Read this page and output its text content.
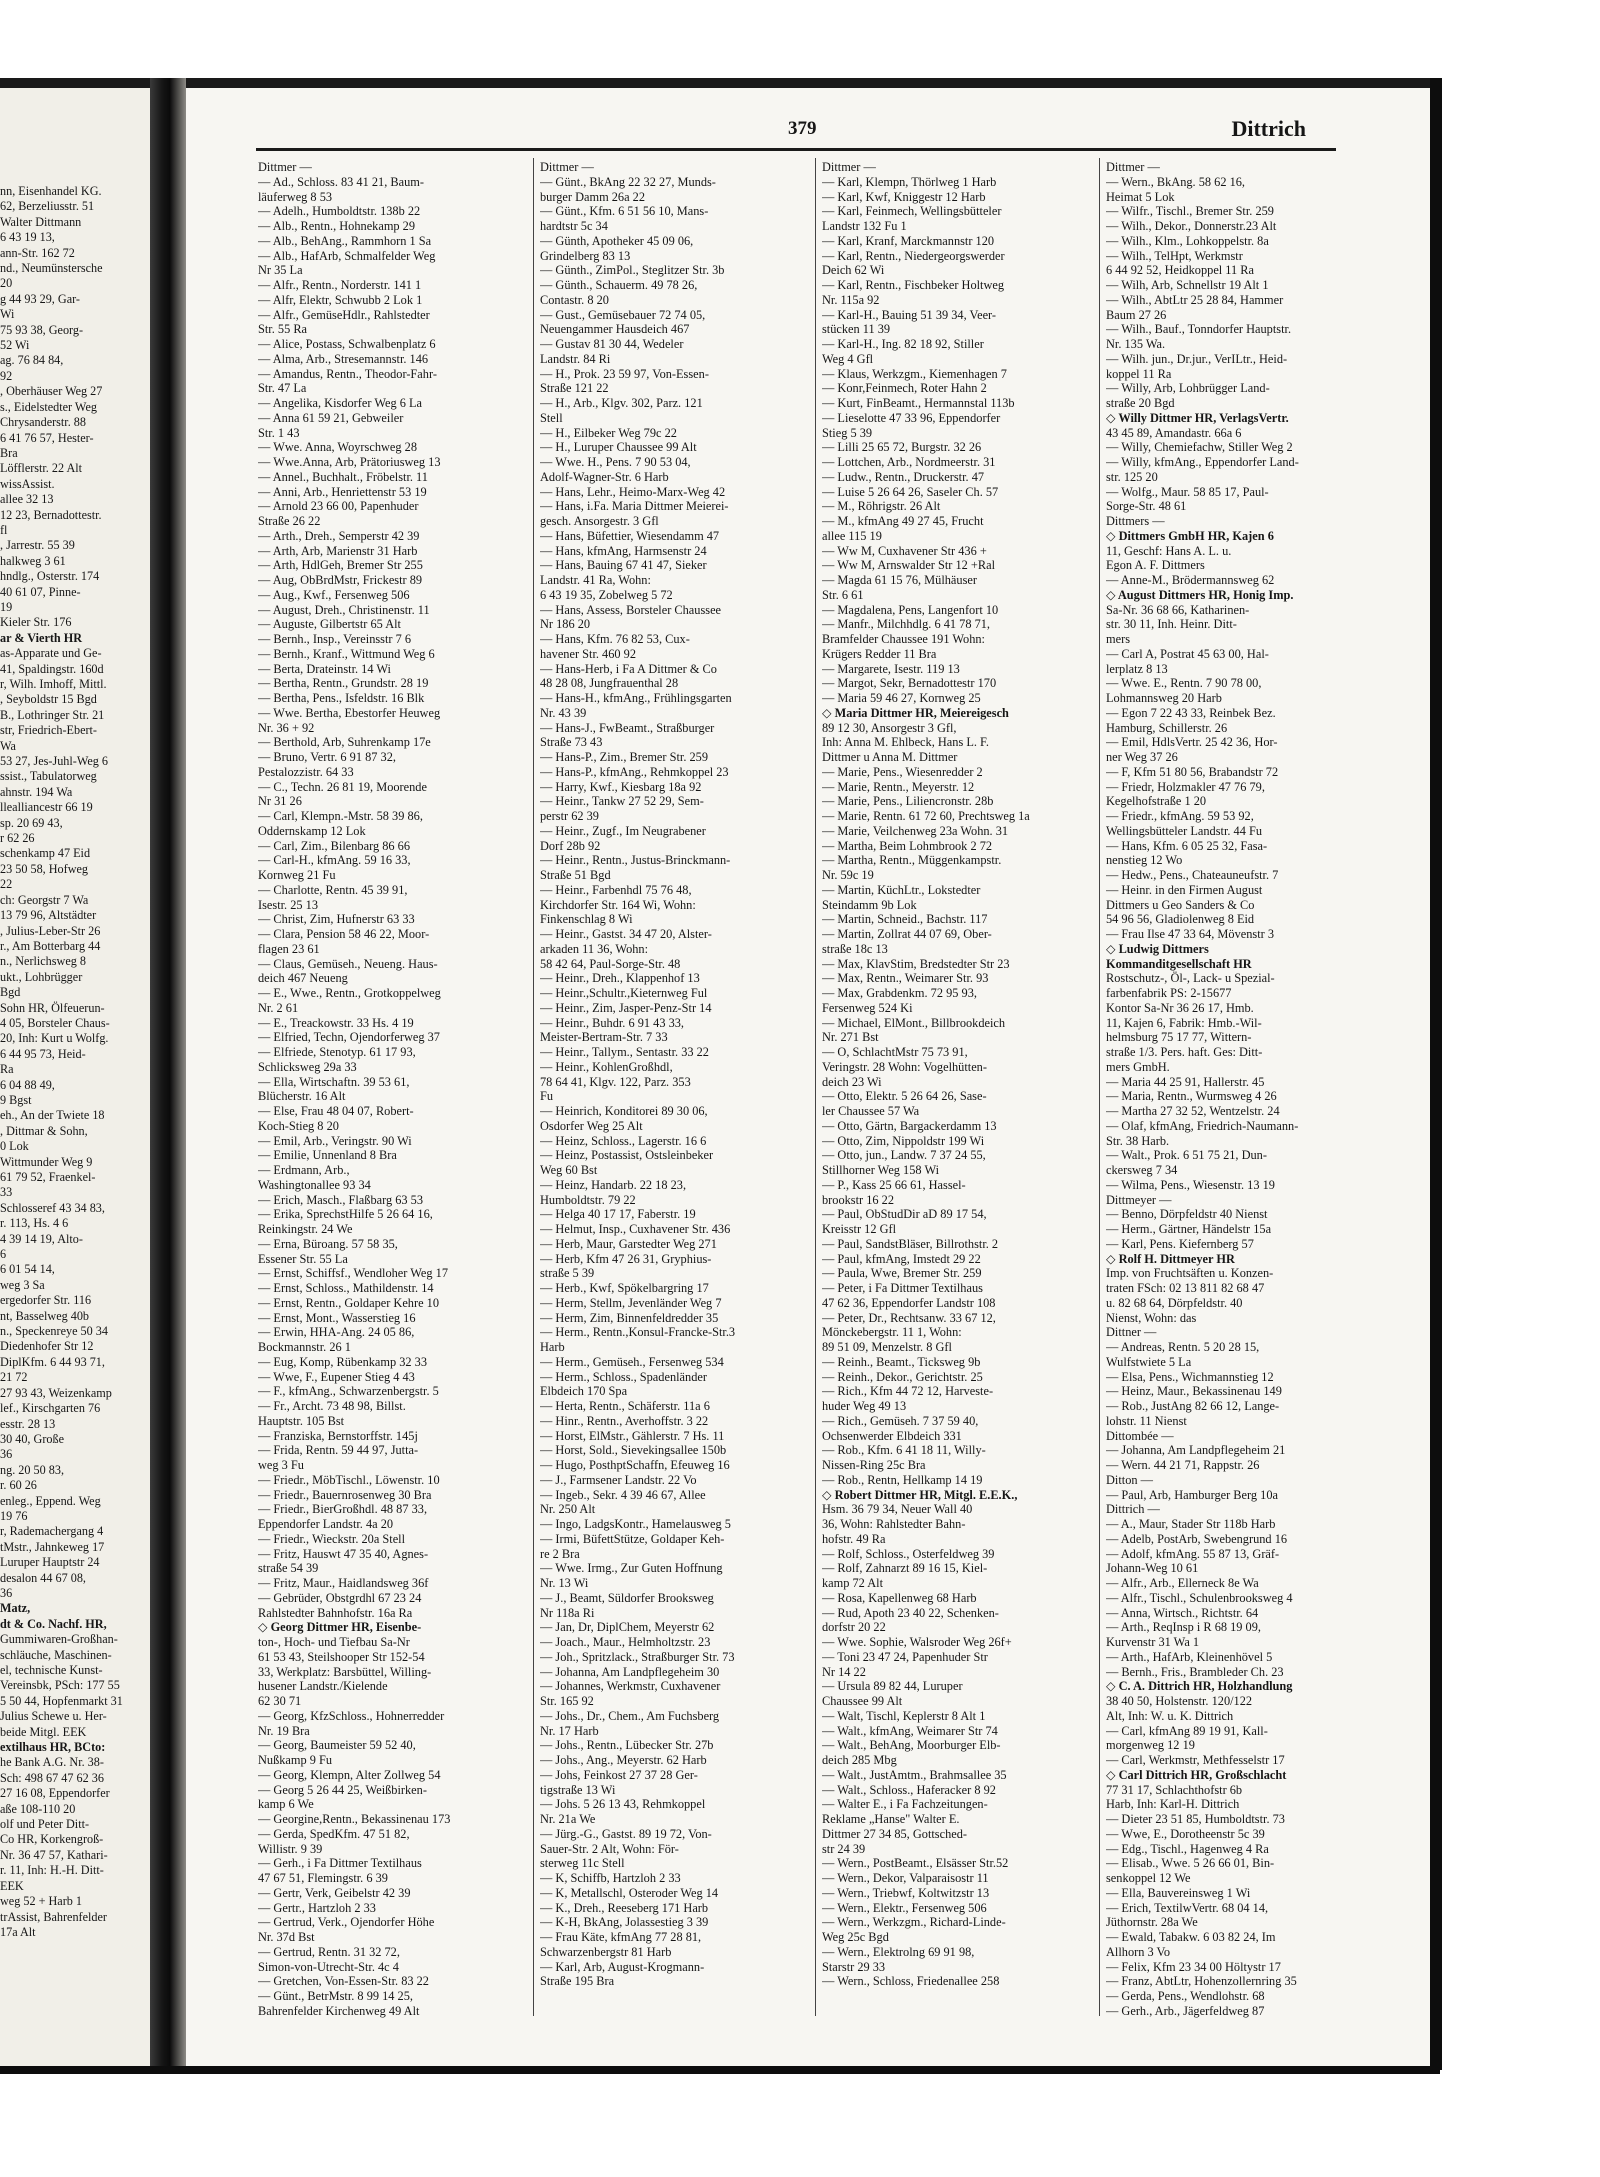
nn, Eisenhandel KG.
62, Berzeliusstr. 51
Walter Dittmann
6 43 19 13,
ann-Str. 162 72
nd., Neumünstersche
20
g 44 93 29, Gar-
Wi
75 93 38, Georg-
52 Wi
ag. 76 84 84,
92
, Oberhäuser Weg 27
s., Eidelstedter Weg
Chrysanderstr. 88
6 41 76 57, Hester-
Bra
Löfflerstr. 22 Alt
wissAssist.
allee 32 13
12 23, Bernadottestr.
fl
, Jarrestr. 55 39
halkweg 3 61
hndlg., Osterstr. 174
40 61 07, Pinne-
19
Kieler Str. 176
ar & Vierth HR
as-Apparate und Ge-
41, Spaldingstr. 160d
r, Wilh. Imhoff, Mittl.
, Seyboldstr 15 Bgd
B., Lothringer Str. 21
str, Friedrich-Ebert-
Wa
53 27, Jes-Juhl-Weg 6
ssist., Tabulatorweg
ahnstr. 194 Wa
llealliancestr 66 19
sp. 20 69 43,
r 62 26
schenkamp 47 Eid
23 50 58, Hofweg
22
ch: Georgstr 7 Wa
13 79 96, Altstädter
, Julius-Leber-Str 26
r., Am Botterbarg 44
n., Nerlichsweg 8
ukt., Lohbrügger
Bgd
Sohn HR, Ölfeuerun-
4 05, Borsteler Chaus-
20, Inh: Kurt u Wolfg.
6 44 95 73, Heid-
Ra
6 04 88 49,
9 Bgst
eh., An der Twiete 18
, Dittmar & Sohn,
0 Lok
Wittmunder Weg 9
61 79 52, Fraenkel-
33
Schlosseref 43 34 83,
r. 113, Hs. 4 6
4 39 14 19, Alto-
6
6 01 54 14,
weg 3 Sa
ergedorfer Str. 116
nt, Basselweg 40b
n., Speckenreye 50 34
Diedenhofer Str 12
DiplKfm. 6 44 93 71,
21 72
27 93 43, Weizenkamp
lef., Kirschgarten 76
esstr. 28 13
30 40, Große
36
ng. 20 50 83,
r. 60 26
enleg., Eppend. Weg
19 76
r, Rademachergang 4
tMstr., Jahnkeweg 17
Luruper Hauptstr 24
desalon 44 67 08,
36
Matz,
dt & Co. Nachf. HR,
Gummiwaren-Großhan-
schläuche, Maschinen-
el, technische Kunst-
Vereinsbk, PSch: 177 55
5 50 44, Hopfenmarkt 31
Julius Schewe u. Her-
beide Mitgl. EEK
extilhaus HR, BCto:
he Bank A.G. Nr. 38-
Sch: 498 67 47 62 36
27 16 08, Eppendorfer
aße 108-110 20
olf und Peter Ditt-
Co HR, Korkengroß-
Nr. 36 47 57, Kathari-
r. 11, Inh: H.-H. Ditt-
EEK
weg 52 + Harb 1
trAssist, Bahrenfelder
17a Alt
379	Dittrich
Dittmer —
— Ad., Schloss. 83 41 21, Baum-
läuferweg 8 53
— Adelh., Humboldtstr. 138b 22
— Alb., Rentn., Hohnekamp 29
— Alb., BehAng., Rammhorn 1 Sa
— Alb., HafArb, Schmalfelder Weg
Nr 35 La
— Alfr., Rentn., Norderstr. 141 1
— Alfr, Elektr, Schwubb 2 Lok 1
— Alfr., GemüseHdlr., Rahlstedter
Str. 55 Ra
— Alice, Postass, Schwalbenplatz 6
— Alma, Arb., Stresemannstr. 146
— Amandus, Rentn., Theodor-Fahr-
Str. 47 La
— Angelika, Kisdorfer Weg 6 La
— Anna 61 59 21, Gebweiler
Str. 1 43
— Wwe. Anna, Woyrschweg 28
— Wwe.Anna, Arb, Prätoriusweg 13
— Annel., Buchhalt., Fröbelstr. 11
— Anni, Arb., Henriettenstr 53 19
— Arnold 23 66 00, Papenhuder
Straße 26 22
— Arth., Dreh., Semperstr 42 39
— Arth, Arb, Marienstr 31 Harb
— Arth, HdlGeh, Bremer Str 255
— Aug, ObBrdMstr, Frickestr 89
— Aug., Kwf., Fersenweg 506
— August, Dreh., Christinenstr. 11
— Auguste, Gilbertstr 65 Alt
— Bernh., Insp., Vereinsstr 7 6
— Bernh., Kranf., Wittmund Weg 6
— Berta, Drateinstr. 14 Wi
— Bertha, Rentn., Grundstr. 28 19
— Bertha, Pens., Isfeldstr. 16 Blk
— Wwe. Bertha, Ebestorfer Heuweg
Nr. 36 + 92
— Berthold, Arb, Suhrenkamp 17e
— Bruno, Vertr. 6 91 87 32,
Pestalozzistr. 64 33
— C., Techn. 26 81 19, Moorende
Nr 31 26
— Carl, Klempn.-Mstr. 58 39 86,
Oddernskamp 12 Lok
— Carl, Zim., Bilenbarg 86 66
— Carl-H., kfmAng. 59 16 33,
Kornweg 21 Fu
— Charlotte, Rentn. 45 39 91,
Isestr. 25 13
— Christ, Zim, Hufnerstr 63 33
— Clara, Pension 58 46 22, Moor-
flagen 23 61
— Claus, Gemüseh., Neueng. Haus-
deich 467 Neueng
— E., Wwe., Rentn., Grotkoppelweg
Nr. 2 61
— E., Treackowstr. 33 Hs. 4 19
— Elfried, Techn, Ojendorferweg 37
— Elfriede, Stenotyp. 61 17 93,
Schlicksweg 29a 33
— Ella, Wirtschaftn. 39 53 61,
Blücherstr. 16 Alt
— Else, Frau 48 04 07, Robert-
Koch-Stieg 8 20
— Emil, Arb., Veringstr. 90 Wi
— Emilie, Unnenland 8 Bra
— Erdmann, Arb.,
Washingtonallee 93 34
— Erich, Masch., Flaßbarg 63 53
— Erika, SprechstHilfe 5 26 64 16,
Reinkingstr. 24 We
— Erna, Büroang. 57 58 35,
Essener Str. 55 La
— Ernst, Schiffsf., Wendloher Weg 17
— Ernst, Schloss., Mathildenstr. 14
— Ernst, Rentn., Goldaper Kehre 10
— Ernst, Mont., Wasserstieg 16
— Erwin, HHA-Ang. 24 05 86,
Bockmannstr. 26 1
— Eug, Komp, Rübenkamp 32 33
— Wwe, F., Eupener Stieg 4 43
— F., kfmAng., Schwarzenbergstr. 5
— Fr., Archt. 73 48 98, Billst.
Hauptstr. 105 Bst
— Franziska, Bernstorffstr. 145j
— Frida, Rentn. 59 44 97, Jutta-
weg 3 Fu
— Friedr., MöbTischl., Löwenstr. 10
— Friedr., Bauernrosenweg 30 Bra
— Friedr., BierGroßhdl. 48 87 33,
Eppendorfer Landstr. 4a 20
— Friedr., Wieckstr. 20a Stell
— Fritz, Hauswt 47 35 40, Agnes-
straße 54 39
— Fritz, Maur., Haidlandsweg 36f
— Gebrüder, Obstgrdhl 67 23 24
Rahlstedter Bahnhofstr. 16a Ra
◇ Georg Dittmer HR, Eisenbe-
ton-, Hoch- und Tiefbau Sa-Nr
61 53 43, Steilshooper Str 152-54
33, Werkplatz: Barsbüttel, Willing-
husener Landstr./Kielende
62 30 71
— Georg, KfzSchloss., Hohnerredder
Nr. 19 Bra
— Georg, Baumeister 59 52 40,
Nußkamp 9 Fu
— Georg, Klempn, Alter Zollweg 54
— Georg 5 26 44 25, Weißbirken-
kamp 6 We
— Georgine,Rentn., Bekassinenau 173
— Gerda, SpedKfm. 47 51 82,
Willistr. 9 39
— Gerh., i Fa Dittmer Textilhaus
47 67 51, Flemingstr. 6 39
— Gertr, Verk, Geibelstr 42 39
— Gertr., Hartzloh 2 33
— Gertrud, Verk., Ojendorfer Höhe
Nr. 37d Bst
— Gertrud, Rentn. 31 32 72,
Simon-von-Utrecht-Str. 4c 4
— Gretchen, Von-Essen-Str. 83 22
— Günt., BetrMstr. 8 99 14 25,
Bahrenfelder Kirchenweg 49 Alt
Dittmer —
— Günt., BkAng 22 32 27, Munds-
burger Damm 26a 22
— Günt., Kfm. 6 51 56 10, Mans-
hardtstr 5c 34
— Günth, Apotheker 45 09 06,
Grindelberg 83 13
— Günth., ZimPol., Steglitzer Str. 3b
— Günth., Schauerm. 49 78 26,
Contastr. 8 20
— Gust., Gemüsebauer 72 74 05,
Neuengammer Hausdeich 467
— Gustav 81 30 44, Wedeler
Landstr. 84 Ri
— H., Prok. 23 59 97, Von-Essen-
Straße 121 22
— H., Arb., Klgv. 302, Parz. 121
Stell
— H., Eilbeker Weg 79c 22
— H., Luruper Chaussee 99 Alt
— Wwe. H., Pens. 7 90 53 04,
Adolf-Wagner-Str. 6 Harb
— Hans, Lehr., Heimo-Marx-Weg 42
— Hans, i.Fa. Maria Dittmer Meierei-
gesch. Ansorgestr. 3 Gfl
— Hans, Büfettier, Wiesendamm 47
— Hans, kfmAng, Harmsenstr 24
— Hans, Bauing 67 41 47, Sieker
Landstr. 41 Ra, Wohn:
6 43 19 35, Zobelweg 5 72
— Hans, Assess, Borsteler Chaussee
Nr 186 20
— Hans, Kfm. 76 82 53, Cux-
havener Str. 460 92
— Hans-Herb, i Fa A Dittmer & Co
48 28 08, Jungfrauenthal 28
— Hans-H., kfmAng., Frühlingsgarten
Nr. 43 39
— Hans-J., FwBeamt., Straßburger
Straße 73 43
— Hans-P., Zim., Bremer Str. 259
— Hans-P., kfmAng., Rehmkoppel 23
— Harry, Kwf., Kiesbarg 18a 92
— Heinr., Tankw 27 52 29, Sem-
perstr 62 39
— Heinr., Zugf., Im Neugrabener
Dorf 28b 92
— Heinr., Rentn., Justus-Brinckmann-
Straße 51 Bgd
— Heinr., Farbenhdl 75 76 48,
Kirchdorfer Str. 164 Wi, Wohn:
Finkenschlag 8 Wi
— Heinr., Gastst. 34 47 20, Alster-
arkaden 11 36, Wohn:
58 42 64, Paul-Sorge-Str. 48
— Heinr., Dreh., Klappenhof 13
— Heinr.,Schultr.,Kieternweg Ful
— Heinr., Zim, Jasper-Penz-Str 14
— Heinr., Buhdr. 6 91 43 33,
Meister-Bertram-Str. 7 33
— Heinr., Tallym., Sentastr. 33 22
— Heinr., KohlenGroßhdl,
78 64 41, Klgv. 122, Parz. 353
Fu
— Heinrich, Konditorei 89 30 06,
Osdorfer Weg 25 Alt
— Heinz, Schloss., Lagerstr. 16 6
— Heinz, Postassist, Ostsleinbeker
Weg 60 Bst
— Heinz, Handarb. 22 18 23,
Humboldtstr. 79 22
— Helga 40 17 17, Faberstr. 19
— Helmut, Insp., Cuxhavener Str. 436
— Herb, Maur, Garstedter Weg 271
— Herb, Kfm 47 26 31, Gryphius-
straße 5 39
— Herb., Kwf, Spökelbargring 17
— Herm, Stellm, Jevenländer Weg 7
— Herm, Zim, Binnenfeldredder 35
— Herm., Rentn.,Konsul-Francke-Str.3
Harb
— Herm., Gemüseh., Fersenweg 534
— Herm., Schloss., Spadenländer
Elbdeich 170 Spa
— Herta, Rentn., Schäferstr. 11a 6
— Hinr., Rentn., Averhoffstr. 3 22
— Horst, ElMstr., Gählerstr. 7 Hs. 11
— Horst, Sold., Sievekingsallee 150b
— Hugo, PosthptSchaffn, Efeuweg 16
— J., Farmsener Landstr. 22 Vo
— Ingeb., Sekr. 4 39 46 67, Allee
Nr. 250 Alt
— Ingo, LadgsKontr., Hamelausweg 5
— Irmi, BüfettStütze, Goldaper Keh-
re 2 Bra
— Wwe. Irmg., Zur Guten Hoffnung
Nr. 13 Wi
— J., Beamt, Süldorfer Brooksweg
Nr 118a Ri
— Jan, Dr, DiplChem, Meyerstr 62
— Joach., Maur., Helmholtzstr. 23
— Joh., Spritzlack., Straßburger Str. 73
— Johanna, Am Landpflegeheim 30
— Johannes, Werkmstr, Cuxhavener
Str. 165 92
— Johs., Dr., Chem., Am Fuchsberg
Nr. 17 Harb
— Johs., Rentn., Lübecker Str. 27b
— Johs., Ang., Meyerstr. 62 Harb
— Johs, Feinkost 27 37 28 Ger-
tigstraße 13 Wi
— Johs. 5 26 13 43, Rehmkoppel
Nr. 21a We
— Jürg.-G., Gastst. 89 19 72, Von-
Sauer-Str. 2 Alt, Wohn: För-
sterweg 11c Stell
— K, Schiffb, Hartzloh 2 33
— K, Metallschl, Osteroder Weg 14
— K., Dreh., Reeseberg 171 Harb
— K-H, BkAng, Jolassestieg 3 39
— Frau Käte, kfmAng 77 28 81,
Schwarzenbergstr 81 Harb
— Karl, Arb, August-Krogmann-
Straße 195 Bra
Dittmer —
— Karl, Klempn, Thörlweg 1 Harb
— Karl, Kwf, Kniggestr 12 Harb
— Karl, Feinmech, Wellingsbütteler
Landstr 132 Fu 1
— Karl, Kranf, Marckmannstr 120
— Karl, Rentn., Niedergeorgswerder
Deich 62 Wi
— Karl, Rentn., Fischbeker Holtweg
Nr. 115a 92
— Karl-H., Bauing 51 39 34, Veer-
stücken 11 39
— Karl-H., Ing. 82 18 92, Stiller
Weg 4 Gfl
— Klaus, Werkzgm., Kiemenhagen 7
— Konr,Feinmech, Roter Hahn 2
— Kurt, FinBeamt., Hermannstal 113b
— Lieselotte 47 33 96, Eppendorfer
Stieg 5 39
— Lilli 25 65 72, Burgstr. 32 26
— Lottchen, Arb., Nordmeerstr. 31
— Ludw., Rentn., Druckerstr. 47
— Luise 5 26 64 26, Saseler Ch. 57
— M., Röhrigstr. 26 Alt
— M., kfmAng 49 27 45, Frucht
allee 115 19
— Ww M, Cuxhavener Str 436 +
— Ww M, Arnswalder Str 12 +Ral
— Magda 61 15 76, Mülhäuser
Str. 6 61
— Magdalena, Pens, Langenfort 10
— Manfr., Milchhdlg. 6 41 78 71,
Bramfelder Chaussee 191 Wohn:
Krügers Redder 11 Bra
— Margarete, Isestr. 119 13
— Margot, Sekr, Bernadottestr 170
— Maria 59 46 27, Kornweg 25
◇ Maria Dittmer HR, Meiereigesch
89 12 30, Ansorgestr 3 Gfl,
Inh: Anna M. Ehlbeck, Hans L. F.
Dittmer u Anna M. Dittmer
— Marie, Pens., Wiesenredder 2
— Marie, Rentn., Meyerstr. 12
— Marie, Pens., Liliencronstr. 28b
— Marie, Rentn. 61 72 60, Prechtsweg 1a
— Marie, Veilchenweg 23a Wohn. 31
— Martha, Beim Lohmbrook 2 72
— Martha, Rentn., Müggenkampstr.
Nr. 59c 19
— Martin, KüchLtr., Lokstedter
Steindamm 9b Lok
— Martin, Schneid., Bachstr. 117
— Martin, Zollrat 44 07 69, Ober-
straße 18c 13
— Max, KlavStim, Bredstedter Str 23
— Max, Rentn., Weimarer Str. 93
— Max, Grabdenkm. 72 95 93,
Fersenweg 524 Ki
— Michael, ElMont., Billbrookdeich
Nr. 271 Bst
— O, SchlachtMstr 75 73 91,
Veringstr. 28 Wohn: Vogelhütten-
deich 23 Wi
— Otto, Elektr. 5 26 64 26, Sase-
ler Chaussee 57 Wa
— Otto, Gärtn, Bargackerdamm 13
— Otto, Zim, Nippoldstr 199 Wi
— Otto, jun., Landw. 7 37 24 55,
Stillhorner Weg 158 Wi
— P., Kass 25 66 61, Hassel-
brookstr 16 22
— Paul, ObStudDir aD 89 17 54,
Kreisstr 12 Gfl
— Paul, SandstBläser, Billrothstr. 2
— Paul, kfmAng, Imstedt 29 22
— Paula, Wwe, Bremer Str. 259
— Peter, i Fa Dittmer Textilhaus
47 62 36, Eppendorfer Landstr 108
— Peter, Dr., Rechtsanw. 33 67 12,
Mönckebergstr. 11 1, Wohn:
89 51 09, Menzelstr. 8 Gfl
— Reinh., Beamt., Ticksweg 9b
— Reinh., Dekor., Gerichtstr. 25
— Rich., Kfm 44 72 12, Harveste-
huder Weg 49 13
— Rich., Gemüseh. 7 37 59 40,
Ochsenwerder Elbdeich 331
— Rob., Kfm. 6 41 18 11, Willy-
Nissen-Ring 25c Bra
— Rob., Rentn, Hellkamp 14 19
◇ Robert Dittmer HR, Mitgl. E.E.K.,
Hsm. 36 79 34, Neuer Wall 40
36, Wohn: Rahlstedter Bahn-
hofstr. 49 Ra
— Rolf, Schloss., Osterfeldweg 39
— Rolf, Zahnarzt 89 16 15, Kiel-
kamp 72 Alt
— Rosa, Kapellenweg 68 Harb
— Rud, Apoth 23 40 22, Schenken-
dorfstr 20 22
— Wwe. Sophie, Walsroder Weg 26f+
— Toni 23 47 24, Papenhuder Str
Nr 14 22
— Ursula 89 82 44, Luruper
Chaussee 99 Alt
— Walt, Tischl, Keplerstr 8 Alt 1
— Walt., kfmAng, Weimarer Str 74
— Walt., BehAng, Moorburger Elb-
deich 285 Mbg
— Walt., JustAmtm., Brahmsallee 35
— Walt., Schloss., Haferacker 8 92
— Walter E., i Fa Fachzeitungen-
Reklame „Hanse" Walter E.
Dittmer 27 34 85, Gottsched-
str 24 39
— Wern., PostBeamt., Elsässer Str.52
— Wern., Dekor, Valparaisostr 11
— Wern., Triebwf, Koltwitzstr 13
— Wern., Elektr., Fersenweg 506
— Wern., Werkzgm., Richard-Linde-
Weg 25c Bgd
— Wern., Elektrolng 69 91 98,
Starstr 29 33
— Wern., Schloss, Friedenallee 258
Dittmer —
— Wern., BkAng. 58 62 16,
Heimat 5 Lok
— Wilfr., Tischl., Bremer Str. 259
— Wilh., Dekor., Donnerstr.23 Alt
— Wilh., Klm., Lohkoppelstr. 8a
— Wilh., TelHpt, Werkmstr
6 44 92 52, Heidkoppel 11 Ra
— Wilh, Arb, Schnellstr 19 Alt 1
— Wilh., AbtLtr 25 28 84, Hammer
Baum 27 26
— Wilh., Bauf., Tonndorfer Hauptstr.
Nr. 135 Wa.
— Wilh. jun., Dr.jur., VerILtr., Heid-
koppel 11 Ra
— Willy, Arb, Lohbrügger Land-
straße 20 Bgd
◇ Willy Dittmer HR, VerlagsVertr.
43 45 89, Amandastr. 66a 6
— Willy, Chemiefachw, Stiller Weg 2
— Willy, kfmAng., Eppendorfer Land-
str. 125 20
— Wolfg., Maur. 58 85 17, Paul-
Sorge-Str. 48 61
Dittmers —
◇ Dittmers GmbH HR, Kajen 6
11, Geschf: Hans A. L. u.
Egon A. F. Dittmers
— Anne-M., Brödermannsweg 62
◇ August Dittmers HR, Honig Imp.
Sa-Nr. 36 68 66, Katharinen-
str. 30 11, Inh. Heinr. Ditt-
mers
— Carl A, Postrat 45 63 00, Hal-
lerplatz 8 13
— Wwe. E., Rentn. 7 90 78 00,
Lohmannsweg 20 Harb
— Egon 7 22 43 33, Reinbek Bez.
Hamburg, Schillerstr. 26
— Emil, HdlsVertr. 25 42 36, Hor-
ner Weg 37 26
— F, Kfm 51 80 56, Brabandstr 72
— Friedr, Holzmakler 47 76 79,
Kegelhofstraße 1 20
— Friedr., kfmAng. 59 53 92,
Wellingsbütteler Landstr. 44 Fu
— Hans, Kfm. 6 05 25 32, Fasa-
nenstieg 12 Wo
— Hedw., Pens., Chateauneufstr. 7
— Heinr. in den Firmen August
Dittmers u Geo Sanders & Co
54 96 56, Gladiolenweg 8 Eid
— Frau Ilse 47 33 64, Mövenstr 3
◇ Ludwig Dittmers
Kommanditgesellschaft HR
Rostschutz-, Öl-, Lack- u Spezial-
farbenfabrik PS: 2-15677
Kontor Sa-Nr 36 26 17, Hmb.
11, Kajen 6, Fabrik: Hmb.-Wil-
helmsburg 75 17 77, Wittern-
straße 1/3. Pers. haft. Ges: Ditt-
mers GmbH.
— Maria 44 25 91, Hallerstr. 45
— Maria, Rentn., Wurmsweg 4 26
— Martha 27 32 52, Wentzelstr. 24
— Olaf, kfmAng, Friedrich-Naumann-
Str. 38 Harb.
— Walt., Prok. 6 51 75 21, Dun-
ckersweg 7 34
— Wilma, Pens., Wiesenstr. 13 19
Dittmeyer —
— Benno, Dörpfeldstr 40 Nienst
— Herm., Gärtner, Händelstr 15a
— Karl, Pens. Kiefernberg 57
◇ Rolf H. Dittmeyer HR
Imp. von Fruchtsäften u. Konzen-
traten FSch: 02 13 811 82 68 47
u. 82 68 64, Dörpfeldstr. 40
Nienst, Wohn: das
Dittner —
— Andreas, Rentn. 5 20 28 15,
Wulfstwiete 5 La
— Elsa, Pens., Wichmannstieg 12
— Heinz, Maur., Bekassinenau 149
— Rob., JustAng 82 66 12, Lange-
lohstr. 11 Nienst
Dittombée —
— Johanna, Am Landpflegeheim 21
— Wern. 44 21 71, Rappstr. 26
Ditton —
— Paul, Arb, Hamburger Berg 10a
Dittrich —
— A., Maur, Stader Str 118b Harb
— Adelb, PostArb, Swebengrund 16
— Adolf, kfmAng. 55 87 13, Gräf-
Johann-Weg 10 61
— Alfr., Arb., Ellerneck 8e Wa
— Alfr., Tischl., Schulenbrooksweg 4
— Anna, Wirtsch., Richtstr. 64
— Arth., ReqInsp i R 68 19 09,
Kurvenstr 31 Wa 1
— Arth., HafArb, Kleinenhövel 5
— Bernh., Fris., Brambleder Ch. 23
◇ C. A. Dittrich HR, Holzhandlung
38 40 50, Holstenstr. 120/122
Alt, Inh: W. u. K. Dittrich
— Carl, kfmAng 89 19 91, Kall-
morgenweg 12 19
— Carl, Werkmstr, Methfesselstr 17
◇ Carl Dittrich HR, Großschlacht
77 31 17, Schlachthofstr 6b
Harb, Inh: Karl-H. Dittrich
— Dieter 23 51 85, Humboldtstr. 73
— Wwe, E., Dorotheenstr 5c 39
— Edg., Tischl., Hagenweg 4 Ra
— Elisab., Wwe. 5 26 66 01, Bin-
senkoppel 12 We
— Ella, Bauvereinsweg 1 Wi
— Erich, TextilwVertr. 68 04 14,
Jüthornstr. 28a We
— Ewald, Tabakw. 6 03 82 24, Im
Allhorn 3 Vo
— Felix, Kfm 23 34 00 Höltystr 17
— Franz, AbtLtr, Hohenzollernring 35
— Gerda, Pens., Wendlohstr. 68
— Gerh., Arb., Jägerfeldweg 87
